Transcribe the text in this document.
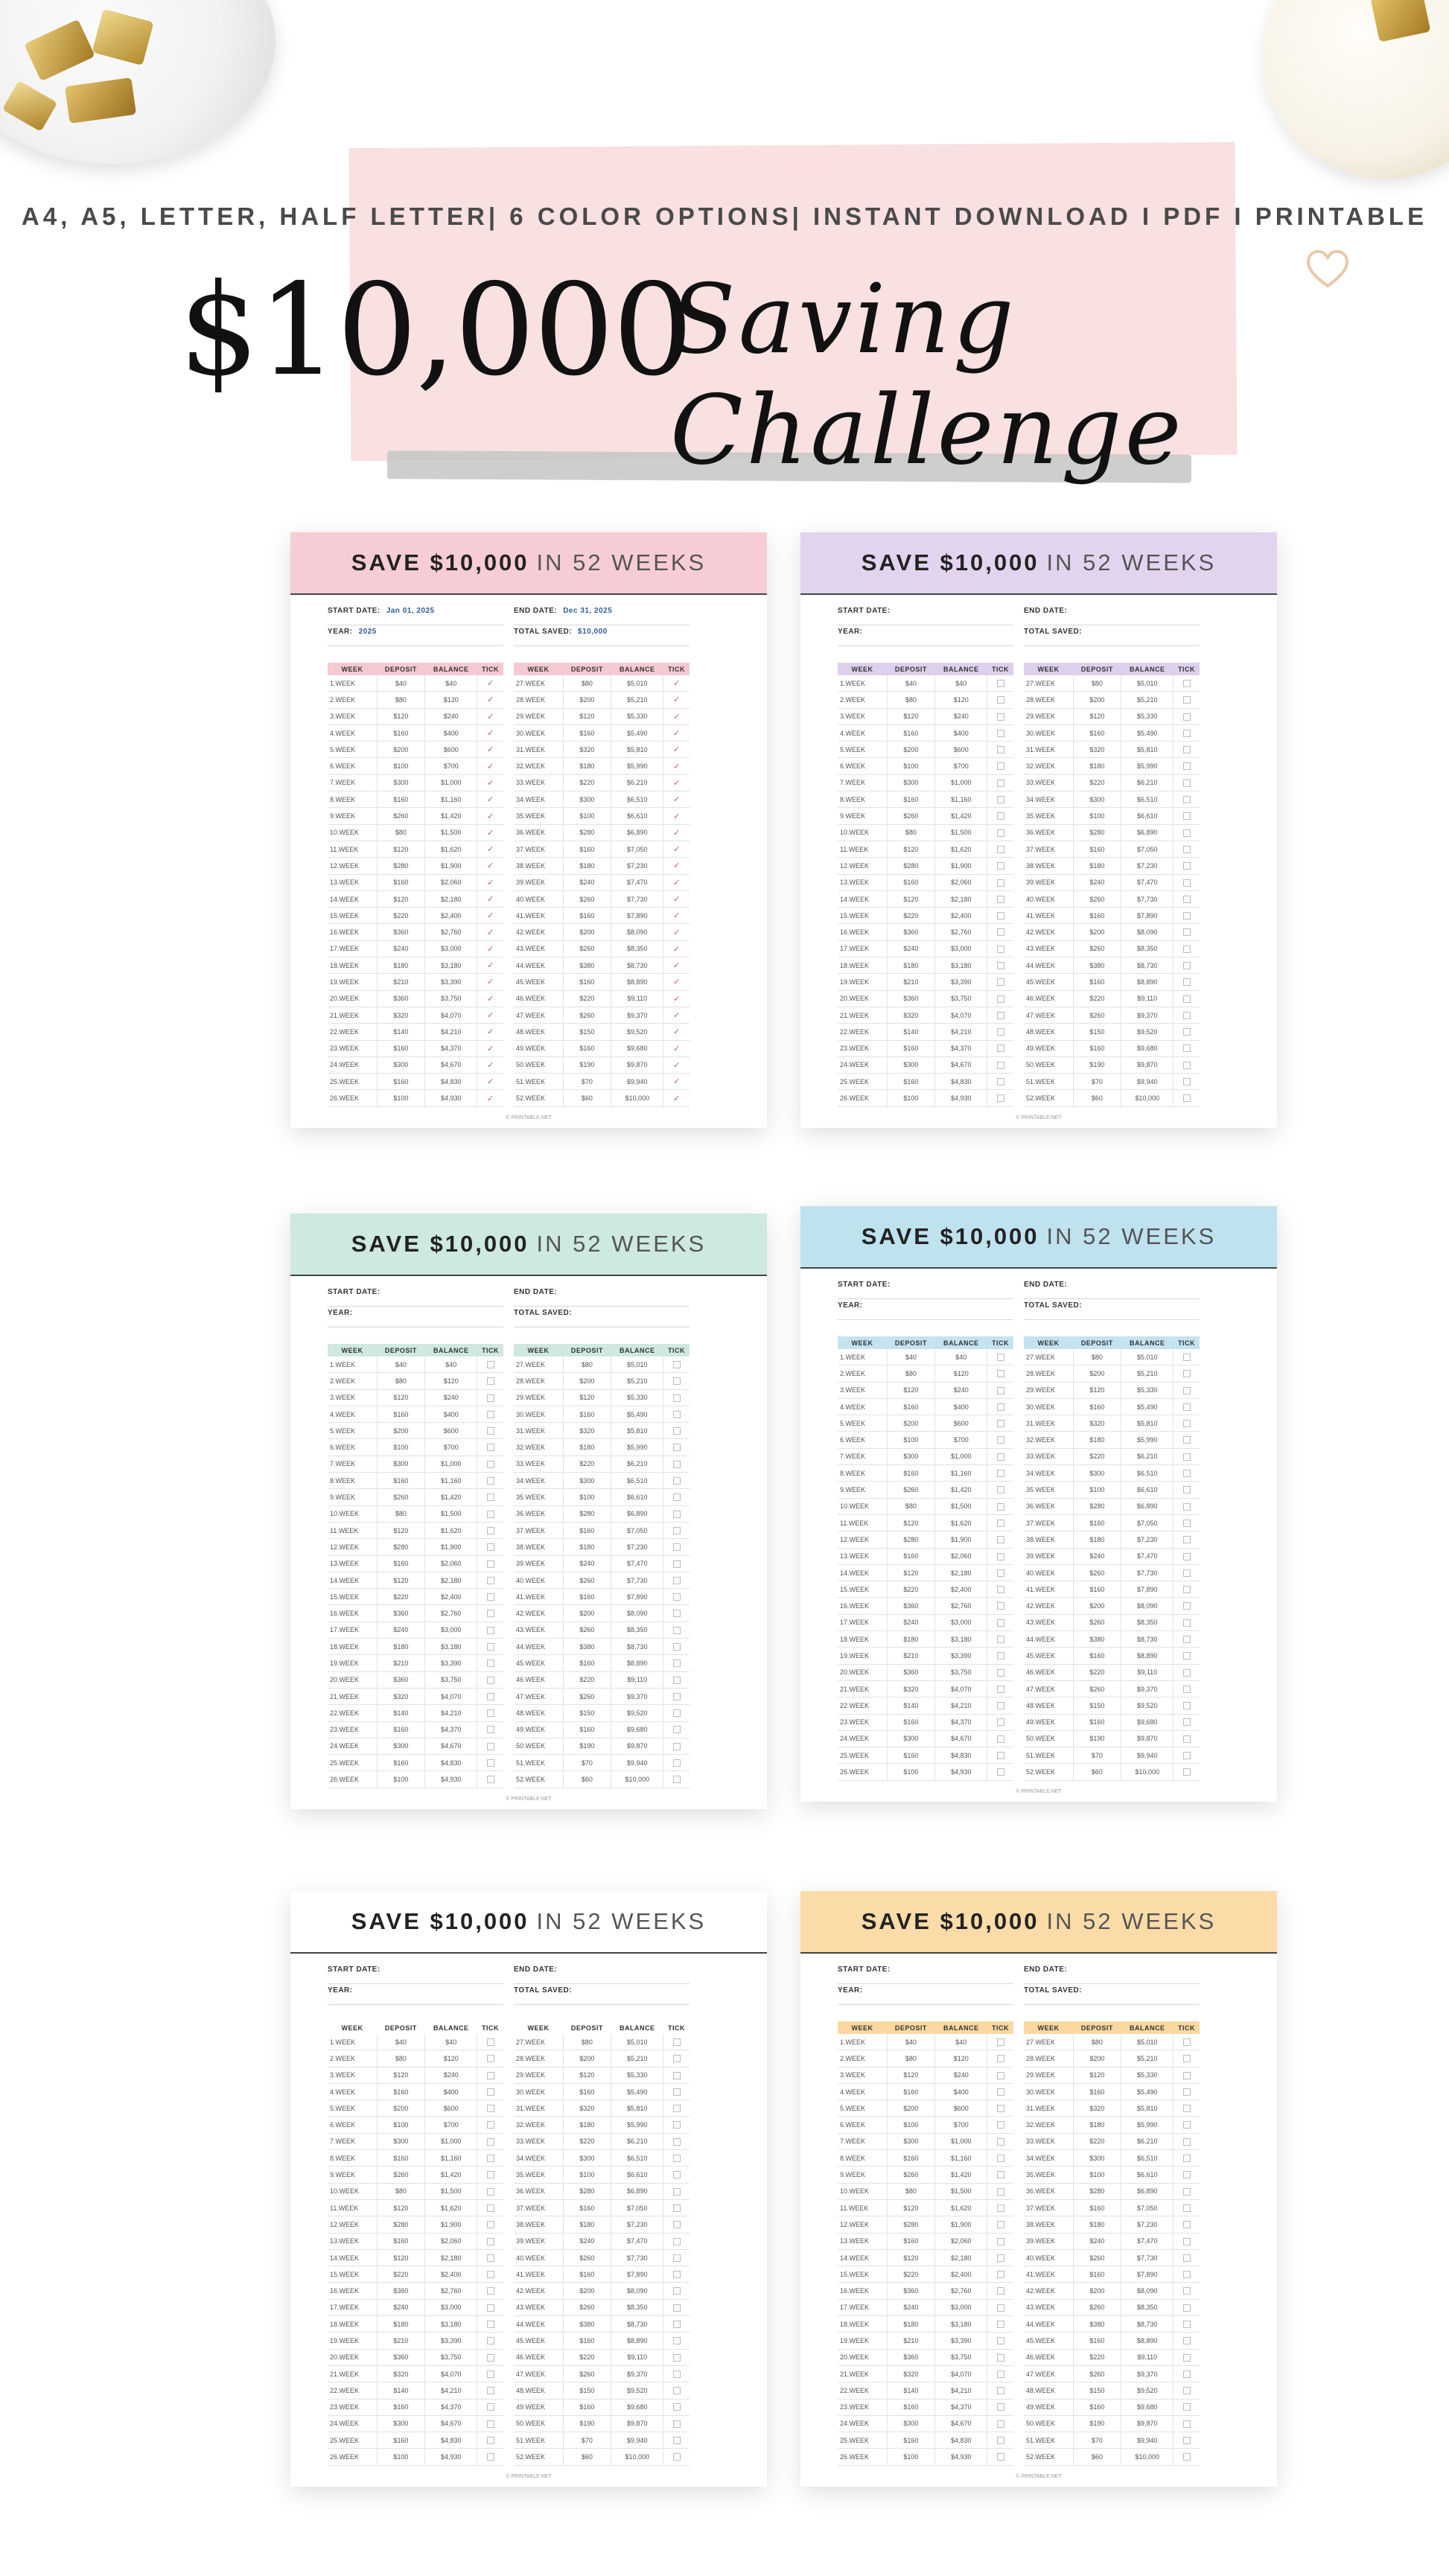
A4, A5, LETTER, HALF LETTER| 6 COLOR OPTIONS| INSTANT DOWNLOAD I PDF I PRINTABLE
$10,000
Saving Challenge
SAVE $10,000 IN 52 WEEKS
START DATE: Jan 01, 2025	END DATE: Dec 31, 2025
YEAR: 2025	TOTAL SAVED: $10,000
WEEK	DEPOSIT	BALANCE	TICK
1.WEEK	$40	$40	✓
2.WEEK	$80	$120	✓
3.WEEK	$120	$240	✓
4.WEEK	$160	$400	✓
5.WEEK	$200	$600	✓
6.WEEK	$100	$700	✓
7.WEEK	$300	$1,000	✓
8.WEEK	$160	$1,160	✓
9.WEEK	$260	$1,420	✓
10.WEEK	$80	$1,500	✓
11.WEEK	$120	$1,620	✓
12.WEEK	$280	$1,900	✓
13.WEEK	$160	$2,060	✓
14.WEEK	$120	$2,180	✓
15.WEEK	$220	$2,400	✓
16.WEEK	$360	$2,760	✓
17.WEEK	$240	$3,000	✓
18.WEEK	$180	$3,180	✓
19.WEEK	$210	$3,390	✓
20.WEEK	$360	$3,750	✓
21.WEEK	$320	$4,070	✓
22.WEEK	$140	$4,210	✓
23.WEEK	$160	$4,370	✓
24.WEEK	$300	$4,670	✓
25.WEEK	$160	$4,830	✓
26.WEEK	$100	$4,930	✓
WEEK	DEPOSIT	BALANCE	TICK
27.WEEK	$80	$5,010	✓
28.WEEK	$200	$5,210	✓
29.WEEK	$120	$5,330	✓
30.WEEK	$160	$5,490	✓
31.WEEK	$320	$5,810	✓
32.WEEK	$180	$5,990	✓
33.WEEK	$220	$6,210	✓
34.WEEK	$300	$6,510	✓
35.WEEK	$100	$6,610	✓
36.WEEK	$280	$6,890	✓
37.WEEK	$160	$7,050	✓
38.WEEK	$180	$7,230	✓
39.WEEK	$240	$7,470	✓
40.WEEK	$260	$7,730	✓
41.WEEK	$160	$7,890	✓
42.WEEK	$200	$8,090	✓
43.WEEK	$260	$8,350	✓
44.WEEK	$380	$8,730	✓
45.WEEK	$160	$8,890	✓
46.WEEK	$220	$9,110	✓
47.WEEK	$260	$9,370	✓
48.WEEK	$150	$9,520	✓
49.WEEK	$160	$9,680	✓
50.WEEK	$190	$9,870	✓
51.WEEK	$70	$9,940	✓
52.WEEK	$60	$10,000	✓
© PRINTABLE.NET
SAVE $10,000 IN 52 WEEKS
START DATE:	END DATE:
YEAR:	TOTAL SAVED:
WEEK	DEPOSIT	BALANCE	TICK
1.WEEK	$40	$40	
2.WEEK	$80	$120	
3.WEEK	$120	$240	
4.WEEK	$160	$400	
5.WEEK	$200	$600	
6.WEEK	$100	$700	
7.WEEK	$300	$1,000	
8.WEEK	$160	$1,160	
9.WEEK	$260	$1,420	
10.WEEK	$80	$1,500	
11.WEEK	$120	$1,620	
12.WEEK	$280	$1,900	
13.WEEK	$160	$2,060	
14.WEEK	$120	$2,180	
15.WEEK	$220	$2,400	
16.WEEK	$360	$2,760	
17.WEEK	$240	$3,000	
18.WEEK	$180	$3,180	
19.WEEK	$210	$3,390	
20.WEEK	$360	$3,750	
21.WEEK	$320	$4,070	
22.WEEK	$140	$4,210	
23.WEEK	$160	$4,370	
24.WEEK	$300	$4,670	
25.WEEK	$160	$4,830	
26.WEEK	$100	$4,930	
WEEK	DEPOSIT	BALANCE	TICK
27.WEEK	$80	$5,010	
28.WEEK	$200	$5,210	
29.WEEK	$120	$5,330	
30.WEEK	$160	$5,490	
31.WEEK	$320	$5,810	
32.WEEK	$180	$5,990	
33.WEEK	$220	$6,210	
34.WEEK	$300	$6,510	
35.WEEK	$100	$6,610	
36.WEEK	$280	$6,890	
37.WEEK	$160	$7,050	
38.WEEK	$180	$7,230	
39.WEEK	$240	$7,470	
40.WEEK	$260	$7,730	
41.WEEK	$160	$7,890	
42.WEEK	$200	$8,090	
43.WEEK	$260	$8,350	
44.WEEK	$380	$8,730	
45.WEEK	$160	$8,890	
46.WEEK	$220	$9,110	
47.WEEK	$260	$9,370	
48.WEEK	$150	$9,520	
49.WEEK	$160	$9,680	
50.WEEK	$190	$9,870	
51.WEEK	$70	$9,940	
52.WEEK	$60	$10,000	
© PRINTABLE.NET
SAVE $10,000 IN 52 WEEKS
START DATE:	END DATE:
YEAR:	TOTAL SAVED:
WEEK	DEPOSIT	BALANCE	TICK
1.WEEK	$40	$40	
2.WEEK	$80	$120	
3.WEEK	$120	$240	
4.WEEK	$160	$400	
5.WEEK	$200	$600	
6.WEEK	$100	$700	
7.WEEK	$300	$1,000	
8.WEEK	$160	$1,160	
9.WEEK	$260	$1,420	
10.WEEK	$80	$1,500	
11.WEEK	$120	$1,620	
12.WEEK	$280	$1,900	
13.WEEK	$160	$2,060	
14.WEEK	$120	$2,180	
15.WEEK	$220	$2,400	
16.WEEK	$360	$2,760	
17.WEEK	$240	$3,000	
18.WEEK	$180	$3,180	
19.WEEK	$210	$3,390	
20.WEEK	$360	$3,750	
21.WEEK	$320	$4,070	
22.WEEK	$140	$4,210	
23.WEEK	$160	$4,370	
24.WEEK	$300	$4,670	
25.WEEK	$160	$4,830	
26.WEEK	$100	$4,930	
WEEK	DEPOSIT	BALANCE	TICK
27.WEEK	$80	$5,010	
28.WEEK	$200	$5,210	
29.WEEK	$120	$5,330	
30.WEEK	$160	$5,490	
31.WEEK	$320	$5,810	
32.WEEK	$180	$5,990	
33.WEEK	$220	$6,210	
34.WEEK	$300	$6,510	
35.WEEK	$100	$6,610	
36.WEEK	$280	$6,890	
37.WEEK	$160	$7,050	
38.WEEK	$180	$7,230	
39.WEEK	$240	$7,470	
40.WEEK	$260	$7,730	
41.WEEK	$160	$7,890	
42.WEEK	$200	$8,090	
43.WEEK	$260	$8,350	
44.WEEK	$380	$8,730	
45.WEEK	$160	$8,890	
46.WEEK	$220	$9,110	
47.WEEK	$260	$9,370	
48.WEEK	$150	$9,520	
49.WEEK	$160	$9,680	
50.WEEK	$190	$9,870	
51.WEEK	$70	$9,940	
52.WEEK	$60	$10,000	
© PRINTABLE.NET
SAVE $10,000 IN 52 WEEKS
START DATE:	END DATE:
YEAR:	TOTAL SAVED:
WEEK	DEPOSIT	BALANCE	TICK
1.WEEK	$40	$40	
2.WEEK	$80	$120	
3.WEEK	$120	$240	
4.WEEK	$160	$400	
5.WEEK	$200	$600	
6.WEEK	$100	$700	
7.WEEK	$300	$1,000	
8.WEEK	$160	$1,160	
9.WEEK	$260	$1,420	
10.WEEK	$80	$1,500	
11.WEEK	$120	$1,620	
12.WEEK	$280	$1,900	
13.WEEK	$160	$2,060	
14.WEEK	$120	$2,180	
15.WEEK	$220	$2,400	
16.WEEK	$360	$2,760	
17.WEEK	$240	$3,000	
18.WEEK	$180	$3,180	
19.WEEK	$210	$3,390	
20.WEEK	$360	$3,750	
21.WEEK	$320	$4,070	
22.WEEK	$140	$4,210	
23.WEEK	$160	$4,370	
24.WEEK	$300	$4,670	
25.WEEK	$160	$4,830	
26.WEEK	$100	$4,930	
WEEK	DEPOSIT	BALANCE	TICK
27.WEEK	$80	$5,010	
28.WEEK	$200	$5,210	
29.WEEK	$120	$5,330	
30.WEEK	$160	$5,490	
31.WEEK	$320	$5,810	
32.WEEK	$180	$5,990	
33.WEEK	$220	$6,210	
34.WEEK	$300	$6,510	
35.WEEK	$100	$6,610	
36.WEEK	$280	$6,890	
37.WEEK	$160	$7,050	
38.WEEK	$180	$7,230	
39.WEEK	$240	$7,470	
40.WEEK	$260	$7,730	
41.WEEK	$160	$7,890	
42.WEEK	$200	$8,090	
43.WEEK	$260	$8,350	
44.WEEK	$380	$8,730	
45.WEEK	$160	$8,890	
46.WEEK	$220	$9,110	
47.WEEK	$260	$9,370	
48.WEEK	$150	$9,520	
49.WEEK	$160	$9,680	
50.WEEK	$190	$9,870	
51.WEEK	$70	$9,940	
52.WEEK	$60	$10,000	
© PRINTABLE.NET
SAVE $10,000 IN 52 WEEKS
START DATE:	END DATE:
YEAR:	TOTAL SAVED:
WEEK	DEPOSIT	BALANCE	TICK
1.WEEK	$40	$40	
2.WEEK	$80	$120	
3.WEEK	$120	$240	
4.WEEK	$160	$400	
5.WEEK	$200	$600	
6.WEEK	$100	$700	
7.WEEK	$300	$1,000	
8.WEEK	$160	$1,160	
9.WEEK	$260	$1,420	
10.WEEK	$80	$1,500	
11.WEEK	$120	$1,620	
12.WEEK	$280	$1,900	
13.WEEK	$160	$2,060	
14.WEEK	$120	$2,180	
15.WEEK	$220	$2,400	
16.WEEK	$360	$2,760	
17.WEEK	$240	$3,000	
18.WEEK	$180	$3,180	
19.WEEK	$210	$3,390	
20.WEEK	$360	$3,750	
21.WEEK	$320	$4,070	
22.WEEK	$140	$4,210	
23.WEEK	$160	$4,370	
24.WEEK	$300	$4,670	
25.WEEK	$160	$4,830	
26.WEEK	$100	$4,930	
WEEK	DEPOSIT	BALANCE	TICK
27.WEEK	$80	$5,010	
28.WEEK	$200	$5,210	
29.WEEK	$120	$5,330	
30.WEEK	$160	$5,490	
31.WEEK	$320	$5,810	
32.WEEK	$180	$5,990	
33.WEEK	$220	$6,210	
34.WEEK	$300	$6,510	
35.WEEK	$100	$6,610	
36.WEEK	$280	$6,890	
37.WEEK	$160	$7,050	
38.WEEK	$180	$7,230	
39.WEEK	$240	$7,470	
40.WEEK	$260	$7,730	
41.WEEK	$160	$7,890	
42.WEEK	$200	$8,090	
43.WEEK	$260	$8,350	
44.WEEK	$380	$8,730	
45.WEEK	$160	$8,890	
46.WEEK	$220	$9,110	
47.WEEK	$260	$9,370	
48.WEEK	$150	$9,520	
49.WEEK	$160	$9,680	
50.WEEK	$190	$9,870	
51.WEEK	$70	$9,940	
52.WEEK	$60	$10,000	
© PRINTABLE.NET
SAVE $10,000 IN 52 WEEKS
START DATE:	END DATE:
YEAR:	TOTAL SAVED:
WEEK	DEPOSIT	BALANCE	TICK
1.WEEK	$40	$40	
2.WEEK	$80	$120	
3.WEEK	$120	$240	
4.WEEK	$160	$400	
5.WEEK	$200	$600	
6.WEEK	$100	$700	
7.WEEK	$300	$1,000	
8.WEEK	$160	$1,160	
9.WEEK	$260	$1,420	
10.WEEK	$80	$1,500	
11.WEEK	$120	$1,620	
12.WEEK	$280	$1,900	
13.WEEK	$160	$2,060	
14.WEEK	$120	$2,180	
15.WEEK	$220	$2,400	
16.WEEK	$360	$2,760	
17.WEEK	$240	$3,000	
18.WEEK	$180	$3,180	
19.WEEK	$210	$3,390	
20.WEEK	$360	$3,750	
21.WEEK	$320	$4,070	
22.WEEK	$140	$4,210	
23.WEEK	$160	$4,370	
24.WEEK	$300	$4,670	
25.WEEK	$160	$4,830	
26.WEEK	$100	$4,930	
WEEK	DEPOSIT	BALANCE	TICK
27.WEEK	$80	$5,010	
28.WEEK	$200	$5,210	
29.WEEK	$120	$5,330	
30.WEEK	$160	$5,490	
31.WEEK	$320	$5,810	
32.WEEK	$180	$5,990	
33.WEEK	$220	$6,210	
34.WEEK	$300	$6,510	
35.WEEK	$100	$6,610	
36.WEEK	$280	$6,890	
37.WEEK	$160	$7,050	
38.WEEK	$180	$7,230	
39.WEEK	$240	$7,470	
40.WEEK	$260	$7,730	
41.WEEK	$160	$7,890	
42.WEEK	$200	$8,090	
43.WEEK	$260	$8,350	
44.WEEK	$380	$8,730	
45.WEEK	$160	$8,890	
46.WEEK	$220	$9,110	
47.WEEK	$260	$9,370	
48.WEEK	$150	$9,520	
49.WEEK	$160	$9,680	
50.WEEK	$190	$9,870	
51.WEEK	$70	$9,940	
52.WEEK	$60	$10,000	
© PRINTABLE.NET
